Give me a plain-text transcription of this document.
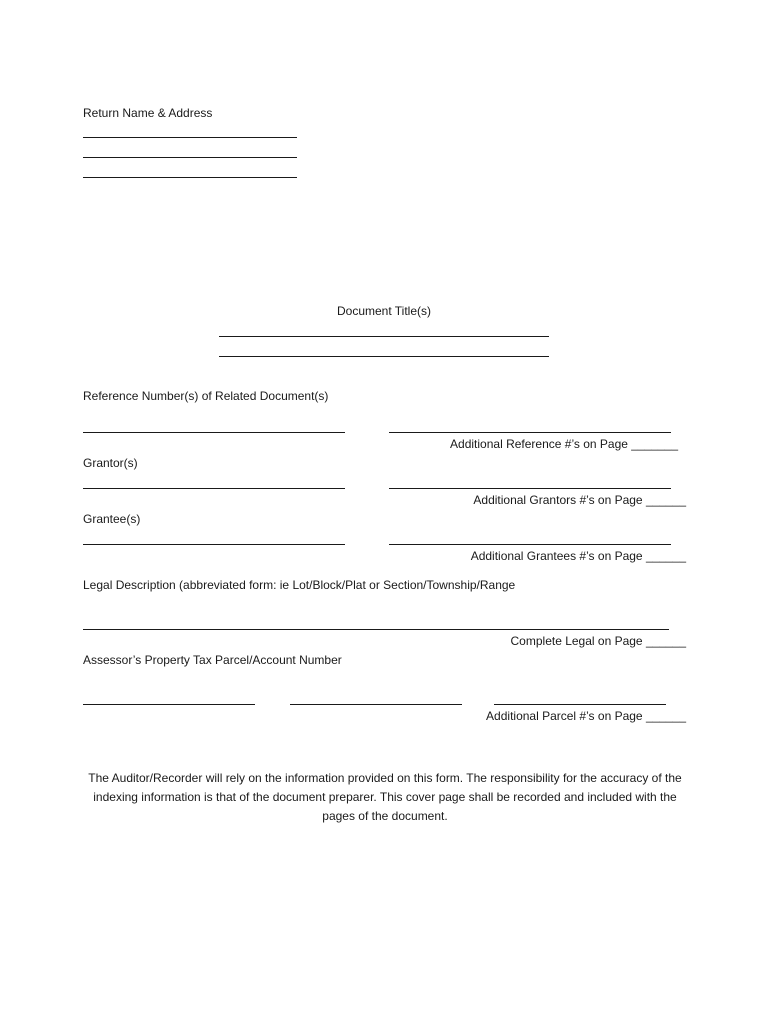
Return Name & Address
Document Title(s)
Reference Number(s) of Related Document(s)
Additional Reference #’s on Page _______
Grantor(s)
Additional Grantors #’s on Page ______
Grantee(s)
Additional Grantees #’s on Page ______
Legal Description (abbreviated form: ie Lot/Block/Plat or Section/Township/Range
Complete Legal on Page ______
Assessor’s Property Tax Parcel/Account Number
Additional Parcel #’s on Page ______
The Auditor/Recorder will rely on the information provided on this form. The responsibility for the accuracy of the indexing information is that of the document preparer. This cover page shall be recorded and included with the pages of the document.
